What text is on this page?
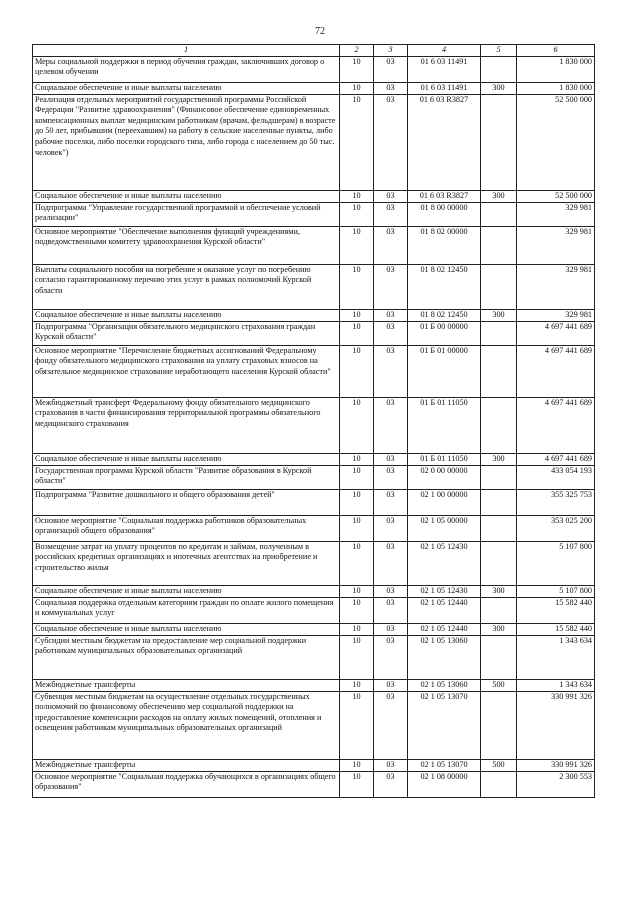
72
1	2	3	4	5	6
Меры социальной поддержки в период обучения граждан, заключивших договор о целевом обучении	10	03	01 6 03 11491		1 830 000
Социальное обеспечение и иные выплаты населению	10	03	01 6 03 11491	300	1 830 000
Реализация отдельных мероприятий государственной программы Российской Федерации "Развитие здравоохранения" (Финансовое обеспечение единовременных компенсационных выплат медицинским работникам (врачам, фельдшерам) в возрасте до 50 лет, прибывшим (переехавшим) на работу в сельские населенные пункты, либо рабочие поселки, либо поселки городского типа, либо города с населением до 50 тыс. человек")	10	03	01 6 03 R3827		52 500 000
Социальное обеспечение и иные выплаты населению	10	03	01 6 03 R3827	300	52 500 000
Подпрограмма "Управление государственной программой и обеспечение условий реализации"	10	03	01 8 00 00000		329 981
Основное мероприятие "Обеспечение выполнения функций учреждениями, подведомственными комитету здравоохранения Курской области"	10	03	01 8 02 00000		329 981
Выплаты социального пособия на погребение и оказание услуг по погребению согласно гарантированному перечню этих услуг в рамках полномочий Курской области	10	03	01 8 02 12450		329 981
Социальное обеспечение и иные выплаты населению	10	03	01 8 02 12450	300	329 981
Подпрограмма "Организация обязательного медицинского страхования граждан Курской области"	10	03	01 Б 00 00000		4 697 441 689
Основное мероприятие "Перечисление бюджетных ассигнований Федеральному фонду обязательного медицинского страхования на уплату страховых взносов на обязательное медицинское страхование неработающего населения Курской области"	10	03	01 Б 01 00000		4 697 441 689
Межбюджетный трансферт Федеральному фонду обязательного медицинского страхования в части финансирования территориальной программы обязательного медицинского страхования	10	03	01 Б 01 11050		4 697 441 689
Социальное обеспечение и иные выплаты населению	10	03	01 Б 01 11050	300	4 697 441 689
Государственная программа Курской области "Развитие образования в Курской области"	10	03	02 0 00 00000		433 054 193
Подпрограмма "Развитие дошкольного и общего образования детей"	10	03	02 1 00 00000		355 325 753
Основное мероприятие "Социальная поддержка работников образовательных организаций общего образования"	10	03	02 1 05 00000		353 025 200
Возмещение затрат на уплату процентов по кредитам и займам, полученным в российских кредитных организациях и ипотечных агентствах на приобретение и строительство жилья	10	03	02 1 05 12430		5 107 800
Социальное обеспечение и иные выплаты населению	10	03	02 1 05 12430	300	5 107 800
Социальная поддержка отдельным категориям граждан по оплате жилого помещения и коммунальных услуг	10	03	02 1 05 12440		15 582 440
Социальное обеспечение и иные выплаты населению	10	03	02 1 05 12440	300	15 582 440
Субсидии местным бюджетам на предоставление мер социальной поддержки работникам муниципальных образовательных организаций	10	03	02 1 05 13060		1 343 634
Межбюджетные трансферты	10	03	02 1 05 13060	500	1 343 634
Субвенция местным бюджетам на осуществление отдельных государственных полномочий по финансовому обеспечению мер социальной поддержки на предоставление компенсации расходов на оплату жилых помещений, отопления и освещения работникам муниципальных образовательных организаций	10	03	02 1 05 13070		330 991 326
Межбюджетные трансферты	10	03	02 1 05 13070	500	330 991 326
Основное мероприятие "Социальная поддержка обучающихся в организациях общего образования"	10	03	02 1 08 00000		2 300 553
